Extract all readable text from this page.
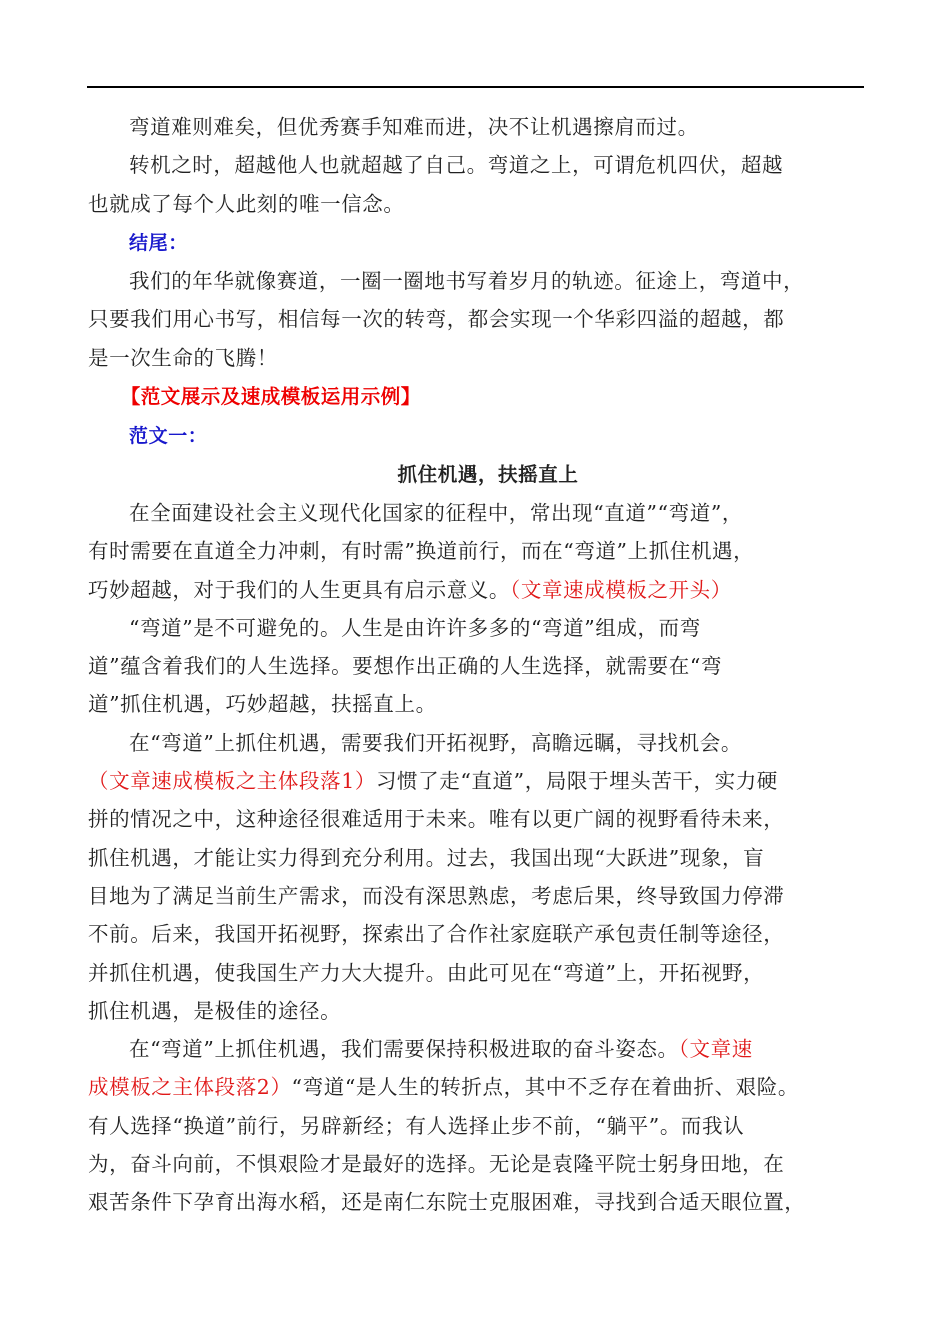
弯道难则难矣，但优秀赛手知难而进，决不让机遇擦肩而过。

转机之时，超越他人也就超越了自己。弯道之上，可谓危机四伏，超越
也就成了每个人此刻的唯一信念。

结尾：

我们的年华就像赛道，一圈一圈地书写着岁月的轨迹。征途上，弯道中，
只要我们用心书写，相信每一次的转弯，都会实现一个华彩四溢的超越，都
是一次生命的飞腾！

【范文展示及速成模板运用示例】

范文一：

抓住机遇，扶摇直上

在全面建设社会主义现代化国家的征程中，常出现“直道”“弯道”，
有时需要在直道全力冲刺，有时需”换道前行，而在“弯道”上抓住机遇，
巧妙超越，对于我们的人生更具有启示意义。（文章速成模板之开头）

“弯道”是不可避免的。人生是由许许多多的“弯道”组成，而弯
道”蕴含着我们的人生选择。要想作出正确的人生选择，就需要在“弯
道”抓住机遇，巧妙超越，扶摇直上。

在“弯道”上抓住机遇，需要我们开拓视野，高瞻远瞩，寻找机会。
（文章速成模板之主体段落1）习惯了走“直道”，局限于埋头苦干，实力硬
拼的情况之中，这种途径很难适用于未来。唯有以更广阔的视野看待未来，
抓住机遇，才能让实力得到充分利用。过去，我国出现“大跃进”现象，盲
目地为了满足当前生产需求，而没有深思熟虑，考虑后果，终导致国力停滞
不前。后来，我国开拓视野，探索出了合作社家庭联产承包责任制等途径，
并抓住机遇，使我国生产力大大提升。由此可见在“弯道”上，开拓视野，
抓住机遇，是极佳的途径。

在“弯道”上抓住机遇，我们需要保持积极进取的奋斗姿态。（文章速
成模板之主体段落2）“弯道“是人生的转折点，其中不乏存在着曲折、艰险。
有人选择“换道”前行，另辟新经；有人选择止步不前，“躺平”。而我认
为，奋斗向前，不惧艰险才是最好的选择。无论是袁隆平院士躬身田地，在
艰苦条件下孕育出海水稻，还是南仁东院士克服困难，寻找到合适天眼位置，
